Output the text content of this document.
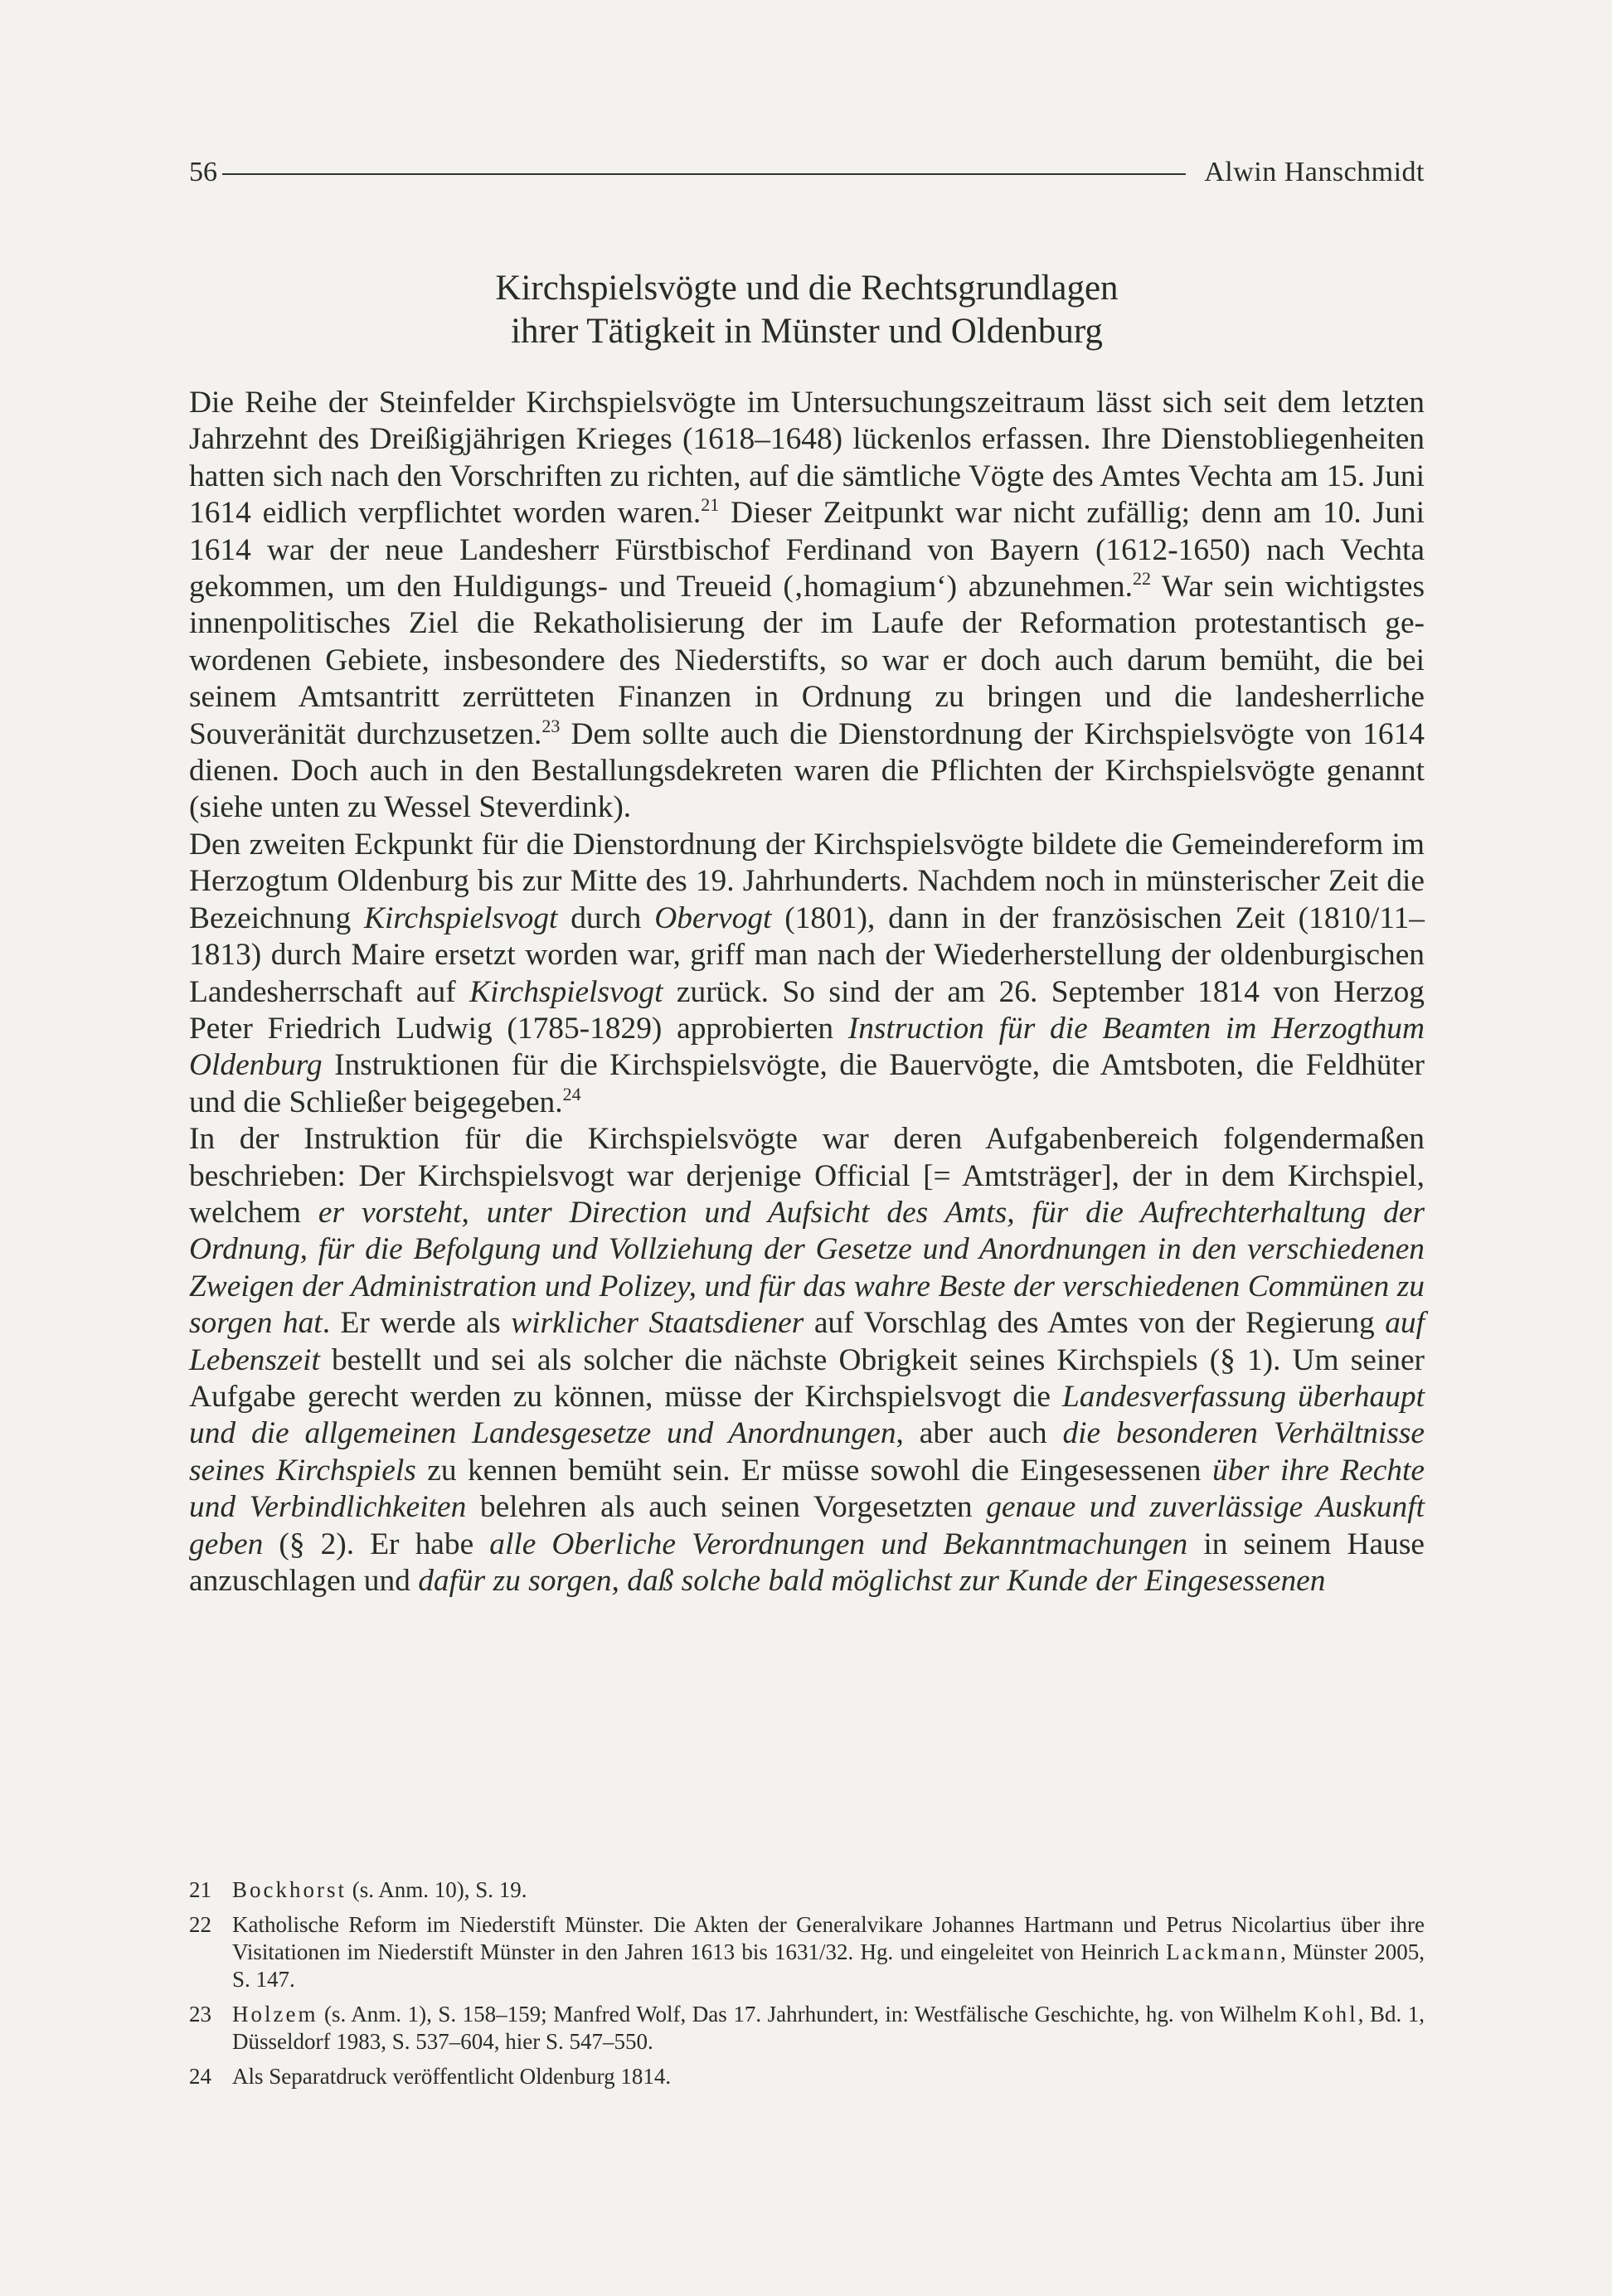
56	Alwin Hanschmidt
Kirchspielsvögte und die Rechtsgrundlagen
ihrer Tätigkeit in Münster und Oldenburg

Die Reihe der Steinfelder Kirchspielsvögte im Untersuchungszeitraum lässt sich seit dem letzten Jahrzehnt des Dreißigjährigen Krieges (1618–1648) lückenlos erfassen. Ihre Dienstobliegenheiten hatten sich nach den Vorschriften zu richten, auf die sämtliche Vögte des Amtes Vechta am 15. Juni 1614 eidlich verpflichtet worden waren.$^{21}$ Dieser Zeitpunkt war nicht zufällig; denn am 10. Juni 1614 war der neue Landesherr Fürstbischof Ferdinand von Bayern (1612-1650) nach Vechta gekommen, um den Huldigungs- und Treueid (‚homagium‘) abzunehmen.$^{22}$ War sein wichtigstes innenpolitisches Ziel die Rekatholisierung der im Laufe der Reformation protestantisch gewordenen Gebiete, insbesondere des Niederstifts, so war er doch auch darum bemüht, die bei seinem Amtsantritt zerrütteten Finanzen in Ordnung zu bringen und die landesherrliche Souveränität durchzusetzen.$^{23}$ Dem sollte auch die Dienstordnung der Kirchspielsvögte von 1614 dienen. Doch auch in den Bestallungsdekreten waren die Pflichten der Kirchspielsvögte genannt (siehe unten zu Wessel Steverdink).

Den zweiten Eckpunkt für die Dienstordnung der Kirchspielsvögte bildete die Gemeindereform im Herzogtum Oldenburg bis zur Mitte des 19. Jahrhunderts. Nachdem noch in münsterischer Zeit die Bezeichnung Kirchspielsvogt durch Obervogt (1801), dann in der französischen Zeit (1810/11–1813) durch Maire ersetzt worden war, griff man nach der Wiederherstellung der oldenburgischen Landesherrschaft auf Kirchspielsvogt zurück. So sind der am 26. September 1814 von Herzog Peter Friedrich Ludwig (1785-1829) approbierten Instruction für die Beamten im Herzogthum Oldenburg Instruktionen für die Kirchspielsvögte, die Bauervögte, die Amtsboten, die Feldhüter und die Schließer beigegeben.$^{24}$

In der Instruktion für die Kirchspielsvögte war deren Aufgabenbereich folgendermaßen beschrieben: Der Kirchspielsvogt war derjenige Official [= Amtsträger], der in dem Kirchspiel, welchem er vorsteht, unter Direction und Aufsicht des Amts, für die Aufrechterhaltung der Ordnung, für die Befolgung und Vollziehung der Gesetze und Anordnungen in den verschiedenen Zweigen der Administration und Polizey, und für das wahre Beste der verschiedenen Commünen zu sorgen hat. Er werde als wirklicher Staatsdiener auf Vorschlag des Amtes von der Regierung auf Lebenszeit bestellt und sei als solcher die nächste Obrigkeit seines Kirchspiels (§ 1). Um seiner Aufgabe gerecht werden zu können, müsse der Kirchspielsvogt die Landesverfassung überhaupt und die allgemeinen Landesgesetze und Anordnungen, aber auch die besonderen Verhältnisse seines Kirchspiels zu kennen bemüht sein. Er müsse sowohl die Eingesessenen über ihre Rechte und Verbindlichkeiten belehren als auch seinen Vorgesetzten genaue und zuverlässige Auskunft geben (§ 2). Er habe alle Oberliche Verordnungen und Bekanntmachungen in seinem Hause anzuschlagen und dafür zu sorgen, daß solche bald möglichst zur Kunde der Eingesessenen

21 Bockhorst (s. Anm. 10), S. 19.
22 Katholische Reform im Niederstift Münster. Die Akten der Generalvikare Johannes Hartmann und Petrus Nicolartius über ihre Visitationen im Niederstift Münster in den Jahren 1613 bis 1631/32. Hg. und eingeleitet von Heinrich Lackmann, Münster 2005, S. 147.
23 Holzem (s. Anm. 1), S. 158–159; Manfred Wolf, Das 17. Jahrhundert, in: Westfälische Geschichte, hg. von Wilhelm Kohl, Bd. 1, Düsseldorf 1983, S. 537–604, hier S. 547–550.
24 Als Separatdruck veröffentlicht Oldenburg 1814.
